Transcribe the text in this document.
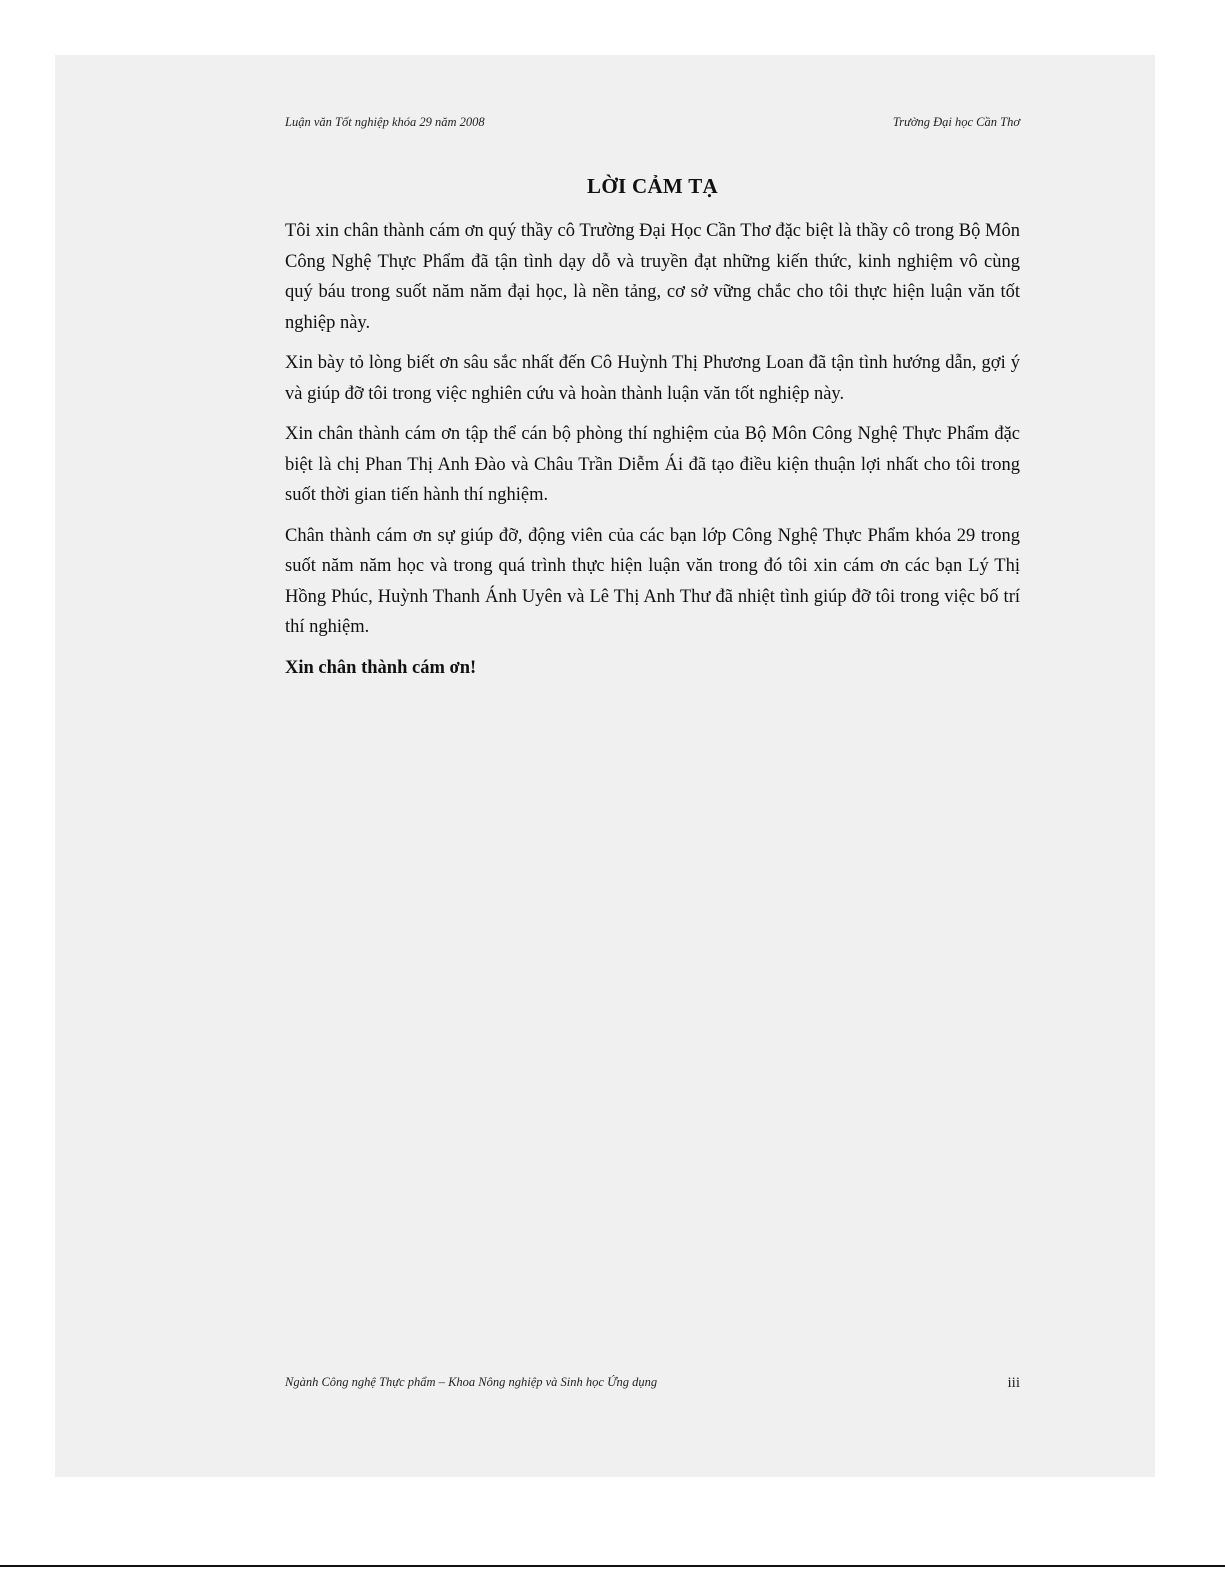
Luận văn Tốt nghiệp khóa 29 năm 2008	Trường Đại học Cần Thơ
LỜI CẢM TẠ

Tôi xin chân thành cám ơn quý thầy cô Trường Đại Học Cần Thơ đặc biệt là thầy cô trong Bộ Môn Công Nghệ Thực Phẩm đã tận tình dạy dỗ và truyền đạt những kiến thức, kinh nghiệm vô cùng quý báu trong suốt năm năm đại học, là nền tảng, cơ sở vững chắc cho tôi thực hiện luận văn tốt nghiệp này.

Xin bày tỏ lòng biết ơn sâu sắc nhất đến Cô Huỳnh Thị Phương Loan đã tận tình hướng dẫn, gợi ý và giúp đỡ tôi trong việc nghiên cứu và hoàn thành luận văn tốt nghiệp này.

Xin chân thành cám ơn tập thể cán bộ phòng thí nghiệm của Bộ Môn Công Nghệ Thực Phẩm đặc biệt là chị Phan Thị Anh Đào và Châu Trần Diễm Ái đã tạo điều kiện thuận lợi nhất cho tôi trong suốt thời gian tiến hành thí nghiệm.

Chân thành cám ơn sự giúp đỡ, động viên của các bạn lớp Công Nghệ Thực Phẩm khóa 29 trong suốt năm năm học và trong quá trình thực hiện luận văn trong đó tôi xin cám ơn các bạn Lý Thị Hồng Phúc, Huỳnh Thanh Ánh Uyên và Lê Thị Anh Thư đã nhiệt tình giúp đỡ tôi trong việc bố trí thí nghiệm.

Xin chân thành cám ơn!

Ngành Công nghệ Thực phẩm – Khoa Nông nghiệp và Sinh học Ứng dụng	iii
